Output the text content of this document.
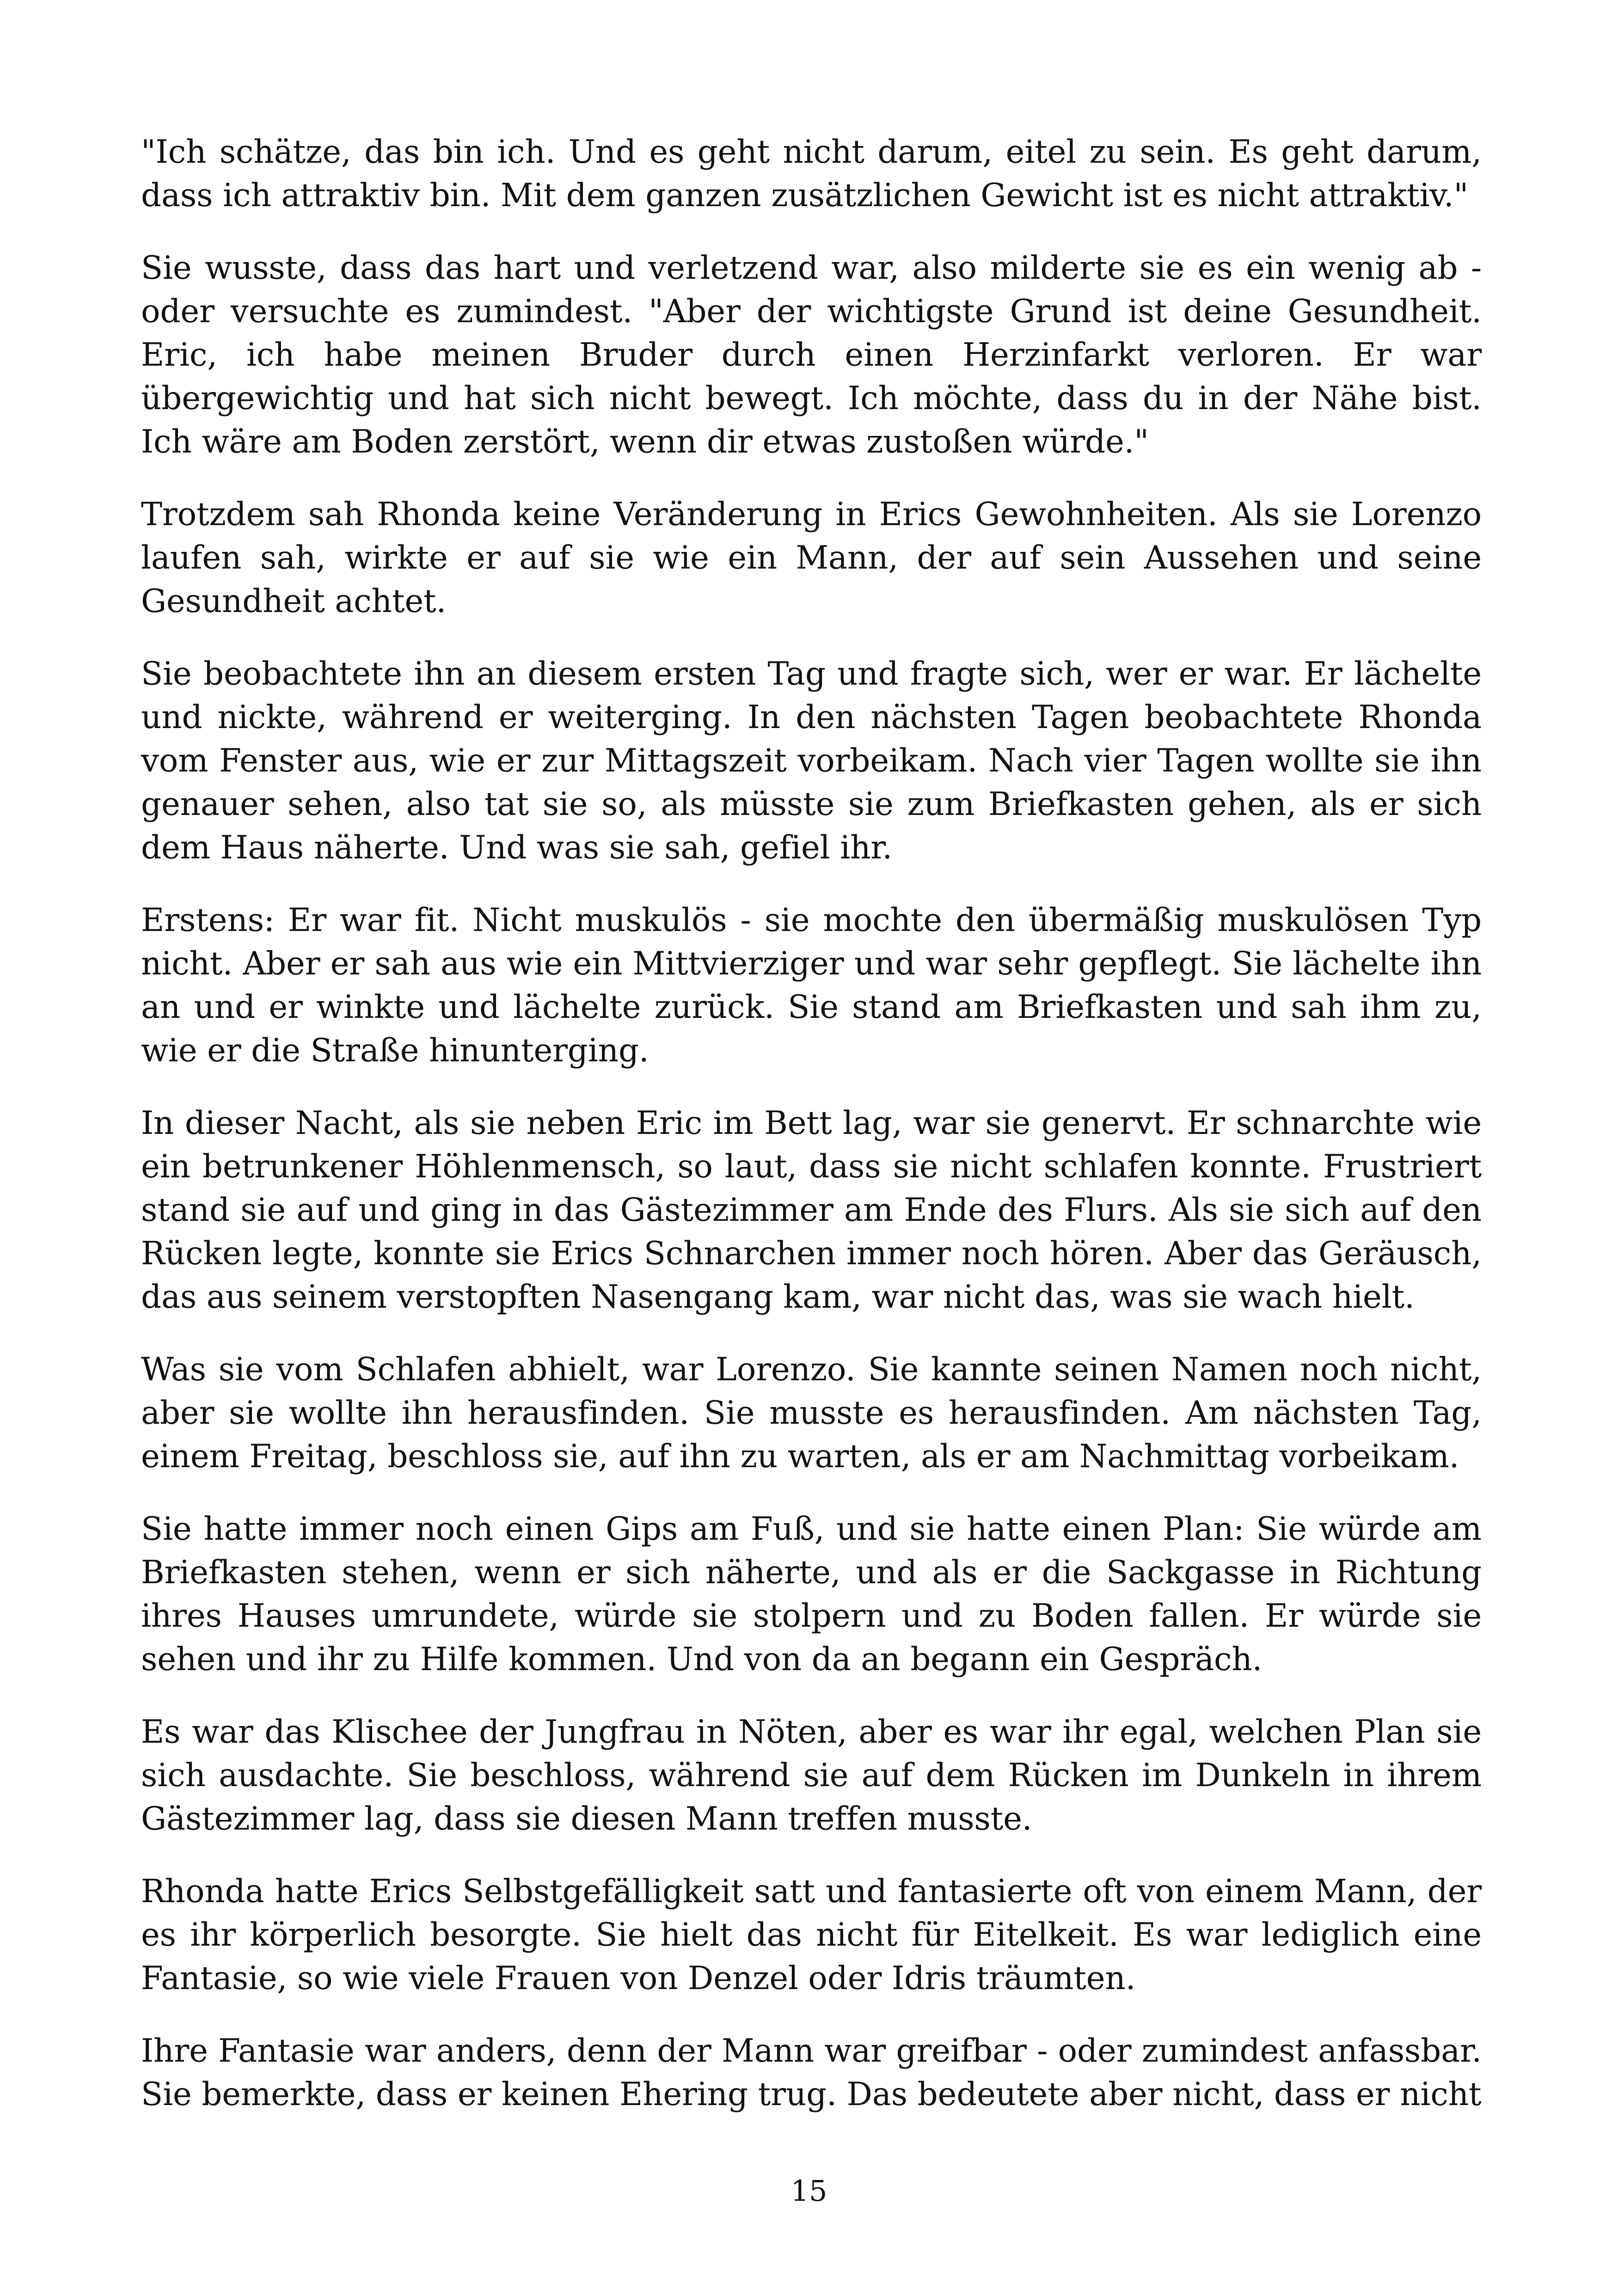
"Ich schätze, das bin ich. Und es geht nicht darum, eitel zu sein. Es geht darum, dass ich attraktiv bin. Mit dem ganzen zusätzlichen Gewicht ist es nicht attraktiv."

Sie wusste, dass das hart und verletzend war, also milderte sie es ein wenig ab - oder versuchte es zumindest. "Aber der wichtigste Grund ist deine Gesundheit. Eric, ich habe meinen Bruder durch einen Herzinfarkt verloren. Er war übergewichtig und hat sich nicht bewegt. Ich möchte, dass du in der Nähe bist. Ich wäre am Boden zerstört, wenn dir etwas zustoßen würde."

Trotzdem sah Rhonda keine Veränderung in Erics Gewohnheiten. Als sie Lorenzo laufen sah, wirkte er auf sie wie ein Mann, der auf sein Aussehen und seine Gesundheit achtet.

Sie beobachtete ihn an diesem ersten Tag und fragte sich, wer er war. Er lächelte und nickte, während er weiterging. In den nächsten Tagen beobachtete Rhonda vom Fenster aus, wie er zur Mittagszeit vorbeikam. Nach vier Tagen wollte sie ihn genauer sehen, also tat sie so, als müsste sie zum Briefkasten gehen, als er sich dem Haus näherte. Und was sie sah, gefiel ihr.

Erstens: Er war fit. Nicht muskulös - sie mochte den übermäßig muskulösen Typ nicht. Aber er sah aus wie ein Mittvierziger und war sehr gepflegt. Sie lächelte ihn an und er winkte und lächelte zurück. Sie stand am Briefkasten und sah ihm zu, wie er die Straße hinunterging.

In dieser Nacht, als sie neben Eric im Bett lag, war sie genervt. Er schnarchte wie ein betrunkener Höhlenmensch, so laut, dass sie nicht schlafen konnte. Frustriert stand sie auf und ging in das Gästezimmer am Ende des Flurs. Als sie sich auf den Rücken legte, konnte sie Erics Schnarchen immer noch hören. Aber das Geräusch, das aus seinem verstopften Nasengang kam, war nicht das, was sie wach hielt.

Was sie vom Schlafen abhielt, war Lorenzo. Sie kannte seinen Namen noch nicht, aber sie wollte ihn herausfinden. Sie musste es herausfinden. Am nächsten Tag, einem Freitag, beschloss sie, auf ihn zu warten, als er am Nachmittag vorbeikam.

Sie hatte immer noch einen Gips am Fuß, und sie hatte einen Plan: Sie würde am Briefkasten stehen, wenn er sich näherte, und als er die Sackgasse in Richtung ihres Hauses umrundete, würde sie stolpern und zu Boden fallen. Er würde sie sehen und ihr zu Hilfe kommen. Und von da an begann ein Gespräch.

Es war das Klischee der Jungfrau in Nöten, aber es war ihr egal, welchen Plan sie sich ausdachte. Sie beschloss, während sie auf dem Rücken im Dunkeln in ihrem Gästezimmer lag, dass sie diesen Mann treffen musste.

Rhonda hatte Erics Selbstgefälligkeit satt und fantasierte oft von einem Mann, der es ihr körperlich besorgte. Sie hielt das nicht für Eitelkeit. Es war lediglich eine Fantasie, so wie viele Frauen von Denzel oder Idris träumten.

Ihre Fantasie war anders, denn der Mann war greifbar - oder zumindest anfassbar. Sie bemerkte, dass er keinen Ehering trug. Das bedeutete aber nicht, dass er nicht

15
